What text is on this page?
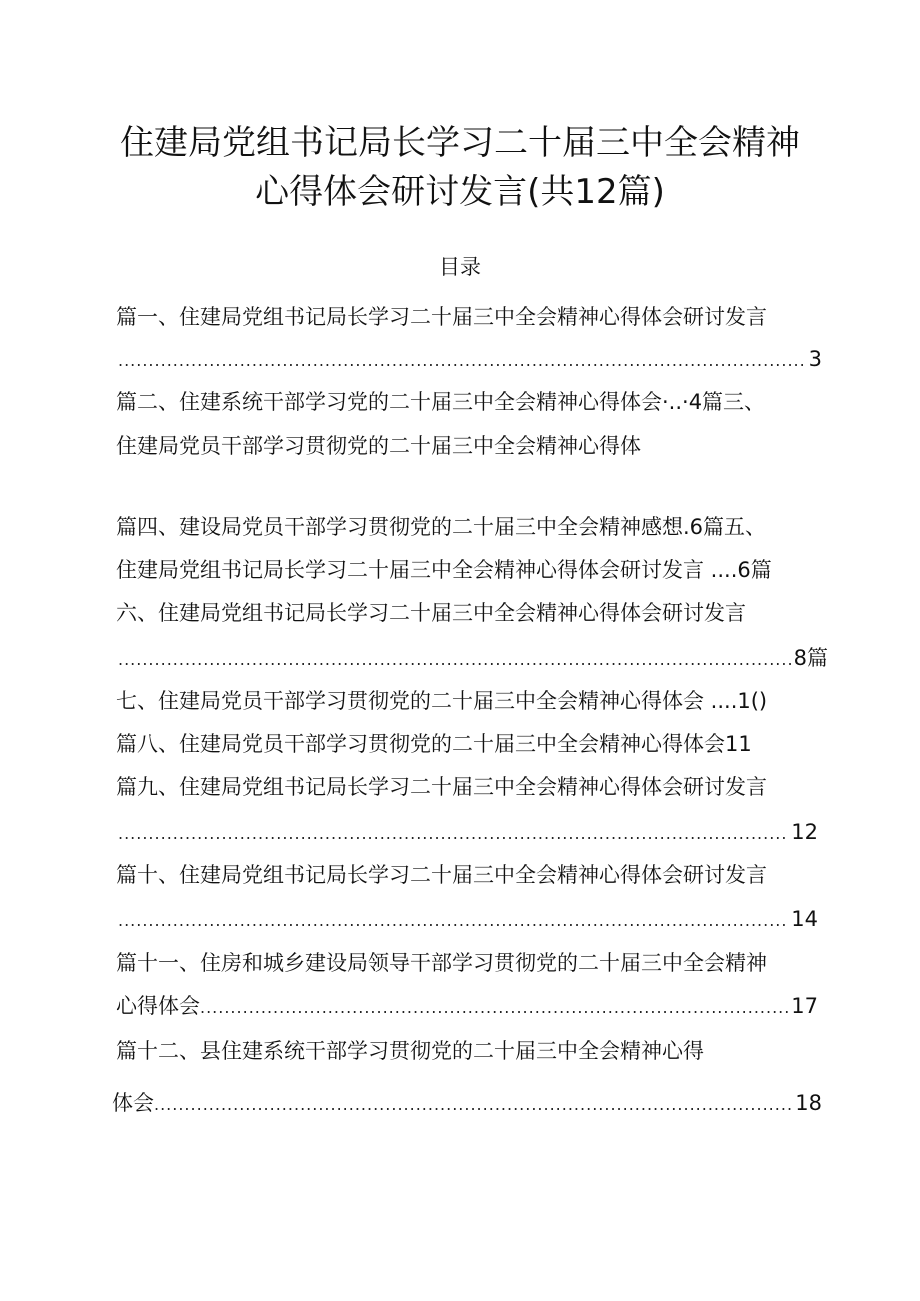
住建局党组书记局长学习二十届三中全会精神
心得体会研讨发言(共12篇)
目录
篇一、住建局党组书记局长学习二十届三中全会精神心得体会研讨发言
.....
3
篇二、住建系统干部学习党的二十届三中全会精神心得体会·..·4篇三、
住建局党员干部学习贯彻党的二十届三中全会精神心得体
篇四、建设局党员干部学习贯彻党的二十届三中全会精神感想.6篇五、
住建局党组书记局长学习二十届三中全会精神心得体会研讨发言 ....6篇
六、住建局党组书记局长学习二十届三中全会精神心得体会研讨发言
.....
8篇
七、住建局党员干部学习贯彻党的二十届三中全会精神心得体会 ....1()
篇八、住建局党员干部学习贯彻党的二十届三中全会精神心得体会11
篇九、住建局党组书记局长学习二十届三中全会精神心得体会研讨发言
.....
12
篇十、住建局党组书记局长学习二十届三中全会精神心得体会研讨发言
.....
14
篇十一、住房和城乡建设局领导干部学习贯彻党的二十届三中全会精神
心得体会 .....	17
篇十二、县住建系统干部学习贯彻党的二十届三中全会精神心得
体会 .....	18
